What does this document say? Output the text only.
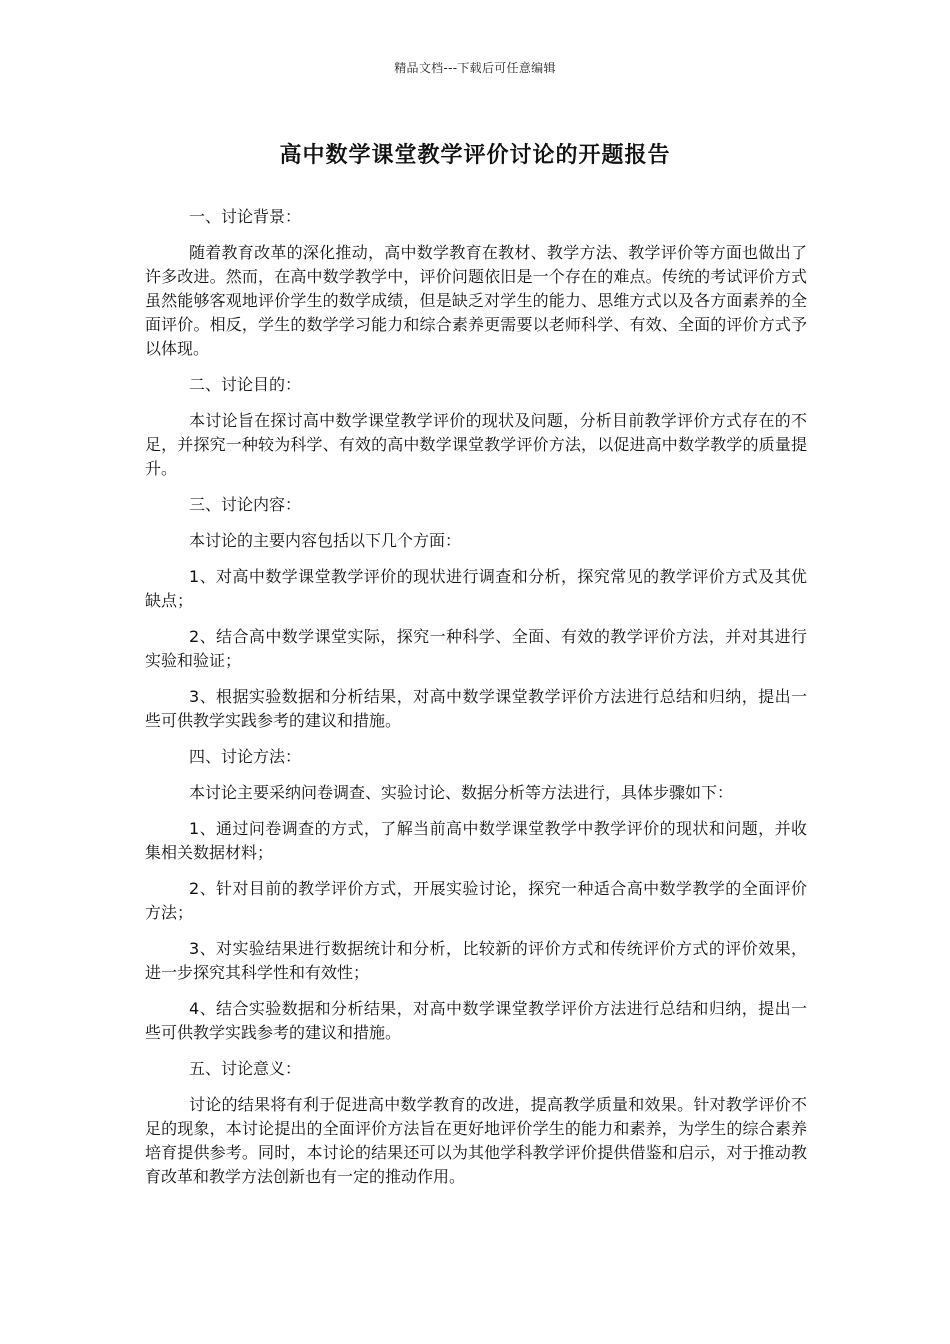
精品文档---下载后可任意编辑
高中数学课堂教学评价讨论的开题报告

一、讨论背景：

随着教育改革的深化推动，高中数学教育在教材、教学方法、教学评价等方面也做出了许多改进。然而，在高中数学教学中，评价问题依旧是一个存在的难点。传统的考试评价方式虽然能够客观地评价学生的数学成绩，但是缺乏对学生的能力、思维方式以及各方面素养的全面评价。相反，学生的数学学习能力和综合素养更需要以老师科学、有效、全面的评价方式予以体现。

二、讨论目的：

本讨论旨在探讨高中数学课堂教学评价的现状及问题，分析目前教学评价方式存在的不足，并探究一种较为科学、有效的高中数学课堂教学评价方法，以促进高中数学教学的质量提升。

三、讨论内容：

本讨论的主要内容包括以下几个方面：

1、对高中数学课堂教学评价的现状进行调查和分析，探究常见的教学评价方式及其优缺点；

2、结合高中数学课堂实际，探究一种科学、全面、有效的教学评价方法，并对其进行实验和验证；

3、根据实验数据和分析结果，对高中数学课堂教学评价方法进行总结和归纳，提出一些可供教学实践参考的建议和措施。

四、讨论方法：

本讨论主要采纳问卷调查、实验讨论、数据分析等方法进行，具体步骤如下：

1、通过问卷调查的方式，了解当前高中数学课堂教学中教学评价的现状和问题，并收集相关数据材料；

2、针对目前的教学评价方式，开展实验讨论，探究一种适合高中数学教学的全面评价方法；

3、对实验结果进行数据统计和分析，比较新的评价方式和传统评价方式的评价效果，进一步探究其科学性和有效性；

4、结合实验数据和分析结果，对高中数学课堂教学评价方法进行总结和归纳，提出一些可供教学实践参考的建议和措施。

五、讨论意义：

讨论的结果将有利于促进高中数学教育的改进，提高教学质量和效果。针对教学评价不足的现象，本讨论提出的全面评价方法旨在更好地评价学生的能力和素养，为学生的综合素养培育提供参考。同时，本讨论的结果还可以为其他学科教学评价提供借鉴和启示，对于推动教育改革和教学方法创新也有一定的推动作用。
